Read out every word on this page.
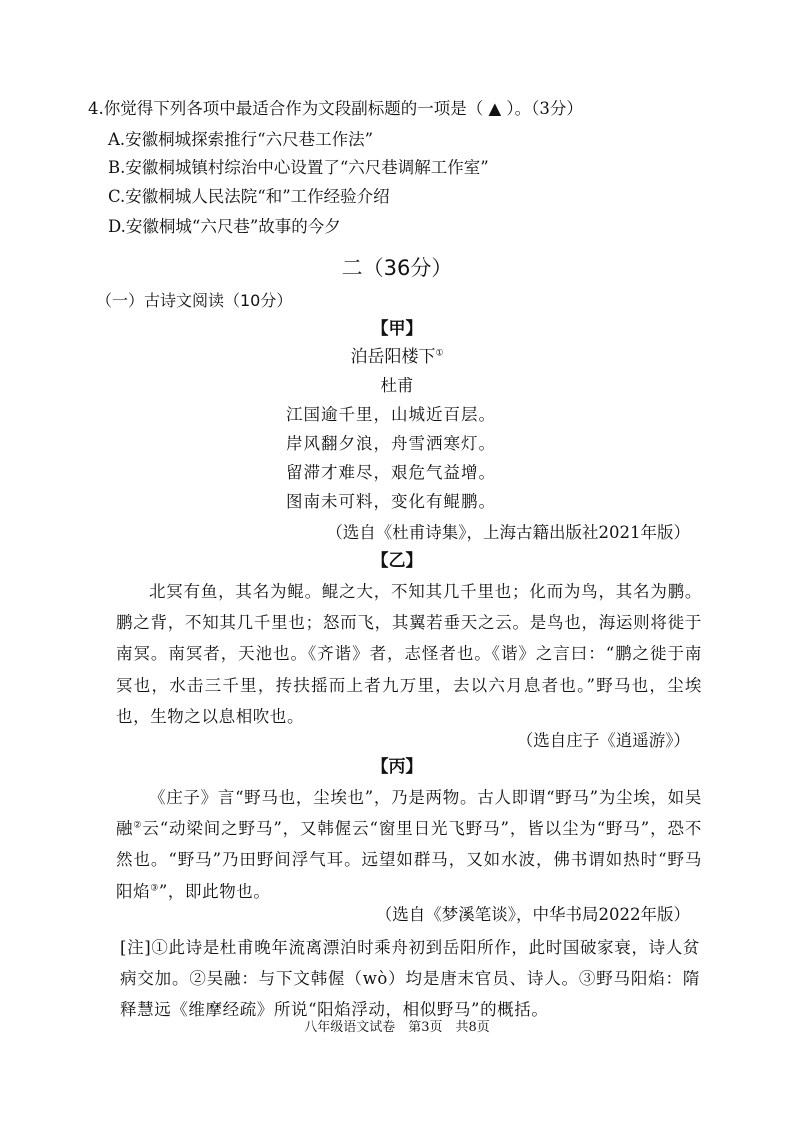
4.你觉得下列各项中最适合作为文段副标题的一项是（ ▲ ）。（3分）
A.安徽桐城探索推行“六尺巷工作法”
B.安徽桐城镇村综治中心设置了“六尺巷调解工作室”
C.安徽桐城人民法院“和”工作经验介绍
D.安徽桐城“六尺巷”故事的今夕
二（36分）
（一）古诗文阅读（10分）
【甲】
泊岳阳楼下①
杜甫
江国逾千里，山城近百层。
岸风翻夕浪，舟雪洒寒灯。
留滞才难尽，艰危气益增。
图南未可料，变化有鲲鹏。
（选自《杜甫诗集》，上海古籍出版社2021年版）
【乙】
北冥有鱼，其名为鲲。鲲之大，不知其几千里也；化而为鸟，其名为鹏。鹏之背，不知其几千里也；怒而飞，其翼若垂天之云。是鸟也，海运则将徙于南冥。南冥者，天池也。《齐谐》者，志怪者也。《谐》之言曰：“鹏之徙于南冥也，水击三千里，抟扶摇而上者九万里，去以六月息者也。”野马也，尘埃也，生物之以息相吹也。
（选自庄子《逍遥游》）
【丙】
《庄子》言“野马也，尘埃也”，乃是两物。古人即谓“野马”为尘埃，如吴融②云“动梁间之野马”，又韩偓云“窗里日光飞野马”，皆以尘为“野马”，恐不然也。“野马”乃田野间浮气耳。远望如群马，又如水波，佛书谓如热时“野马阳焰③”，即此物也。
（选自《梦溪笔谈》，中华书局2022年版）
[注]①此诗是杜甫晚年流离漂泊时乘舟初到岳阳所作，此时国破家衰，诗人贫病交加。②吴融：与下文韩偓（wò）均是唐末官员、诗人。③野马阳焰：隋释慧远《维摩经疏》所说“阳焰浮动，相似野马”的概括。
八年级语文试卷　第3页　共8页
